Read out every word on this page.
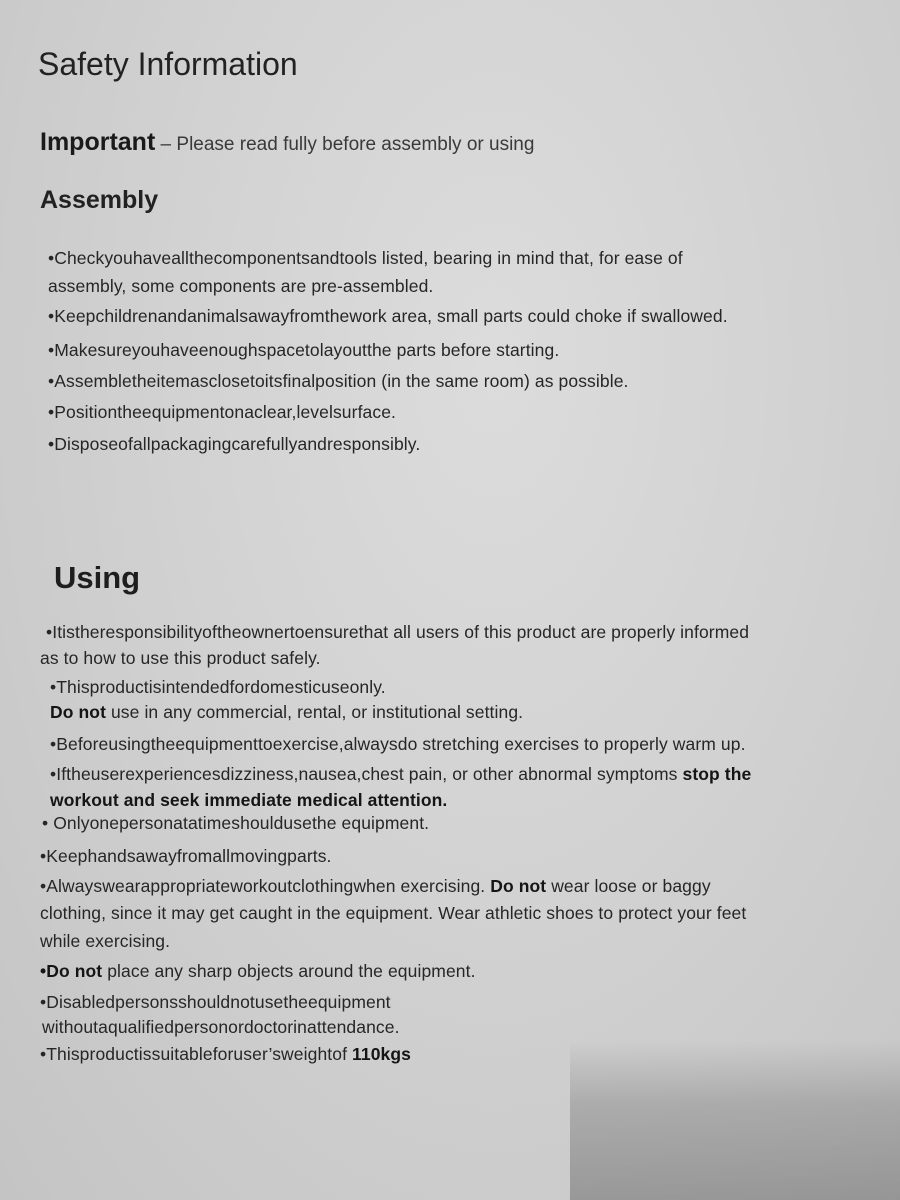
Safety Information
Important – Please read fully before assembly or using
Assembly
•Checkyouhaveallthecomponentsandtools listed, bearing in mind that, for ease of
assembly, some components are pre-assembled.
•Keepchildrenandanimalsawayfromthework area, small parts could choke if swallowed.
•Makesureyouhaveenoughspacetolayoutthe parts before starting.
•Assembletheitemasclosetoitsfinalposition (in the same room) as possible.
•Positiontheequipmentonaclear,levelsurface.
•Disposeofallpackagingcarefullyandresponsibly.
Using
•Itistheresponsibilityoftheownertoensurethat all users of this product are properly informed
as to how to use this product safely.
•Thisproductisintendedfordomesticuseonly.
Do not use in any commercial, rental, or institutional setting.
•Beforeusingtheequipmenttoexercise,alwaysdo stretching exercises to properly warm up.
•Iftheuserexperiencesdizziness,nausea,chest pain, or other abnormal symptoms stop the
workout and seek immediate medical attention.
• Onlyonepersonatatimeshouldusethe equipment.
•Keephandsawayfromallmovingparts.
•Alwayswearappropriateworkoutclothingwhen exercising. Do not wear loose or baggy
clothing, since it may get caught in the equipment. Wear athletic shoes to protect your feet
while exercising.
•Do not place any sharp objects around the equipment.
•Disabledpersonsshouldnotusetheequipment
withoutaqualifiedpersonordoctorinattendance.
•Thisproductissuitableforuser’sweightof 110kgs
